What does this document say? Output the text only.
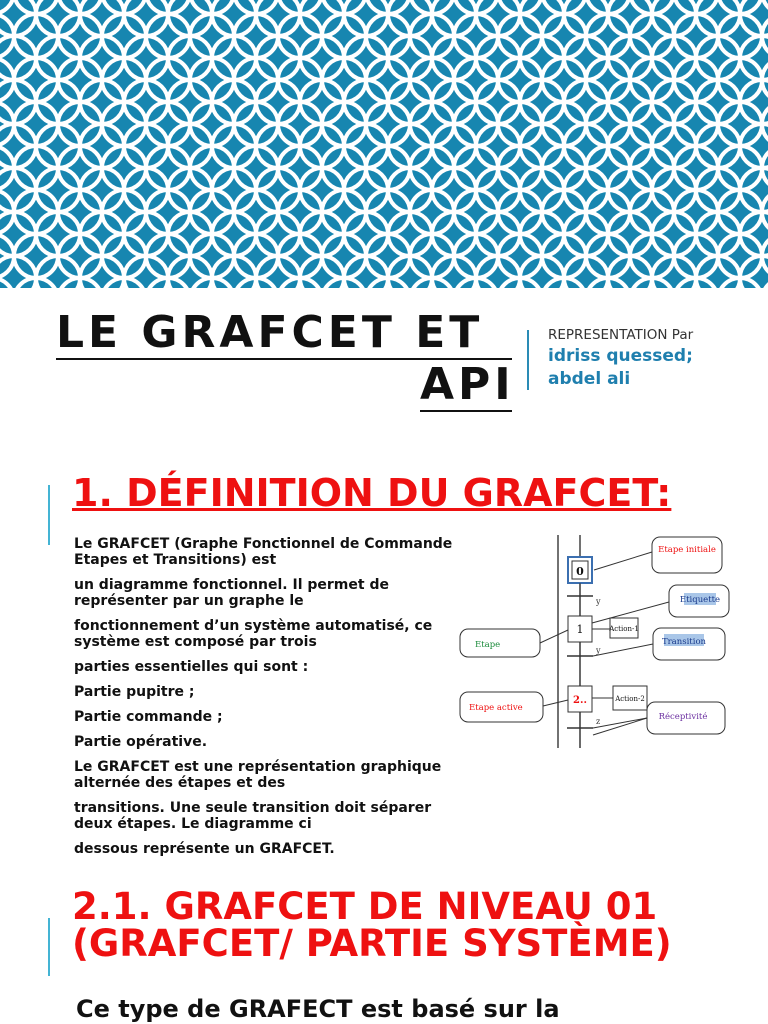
LE GRAFCET ET
API
REPRESENTATION Par
idriss quessed;
abdel ali
1. DÉFINITION DU GRAFCET:

Le GRAFCET (Graphe Fonctionnel de Commande Etapes et Transitions) est

un diagramme fonctionnel. Il permet de représenter par un graphe le

fonctionnement d’un système automatisé, ce système est composé par trois

parties essentielles qui sont :

Partie pupitre ;

Partie commande ;

Partie opérative.

Le GRAFCET est une représentation graphique alternée des étapes et des

transitions. Une seule transition doit séparer deux étapes. Le diagramme ci

dessous représente un GRAFCET.

0
y
1	Action-1
y
2..	Action-2
z
Etape initiale
Etiquette
Transition
Etape
Etape active
Réceptivité
2.1. GRAFCET DE NIVEAU 01 (GRAFCET/ PARTIE SYSTÈME)
Ce type de GRAFECT est basé sur la
